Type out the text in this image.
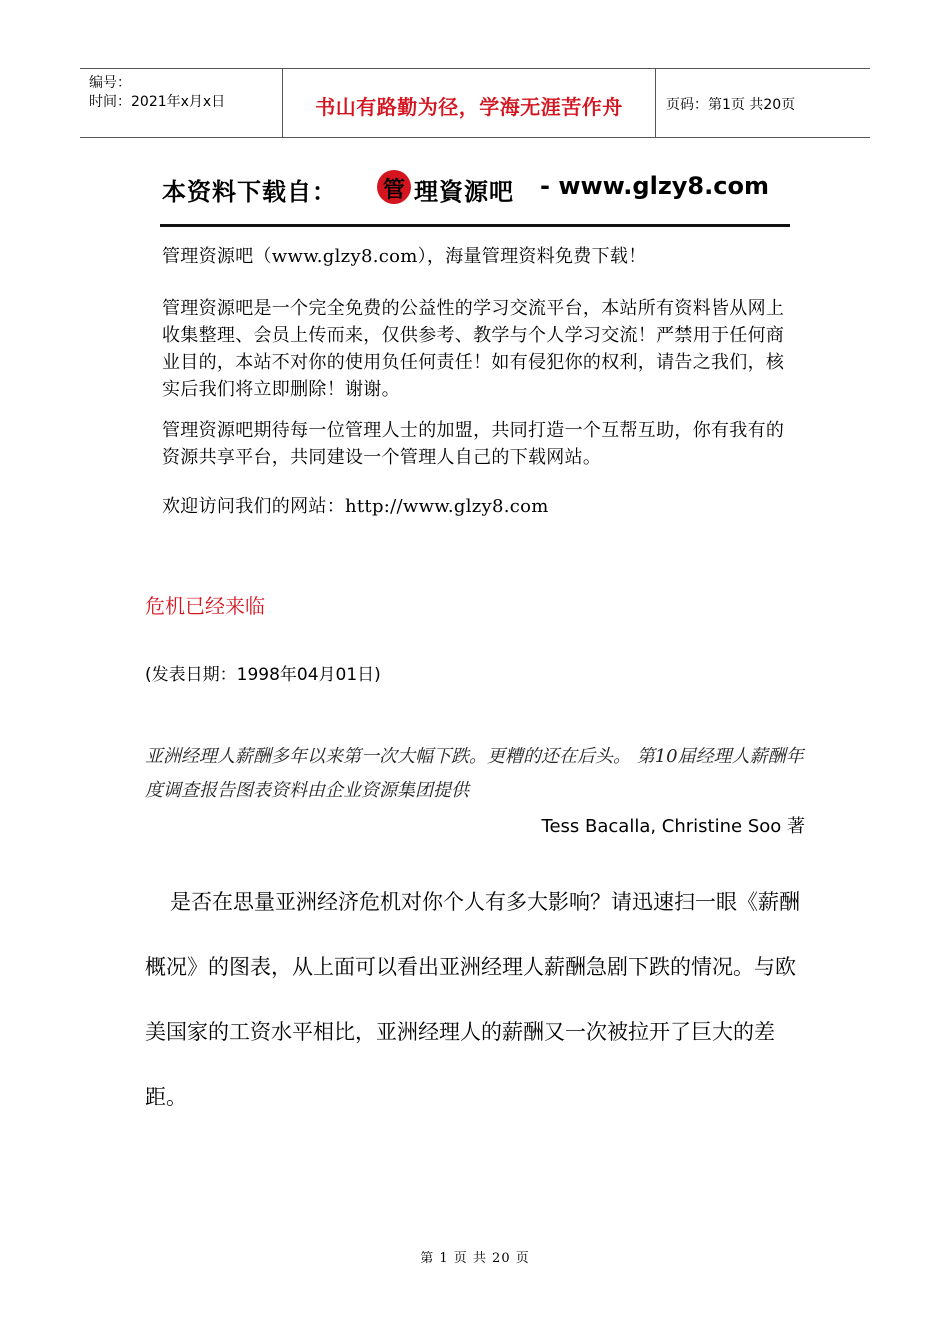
编号：
时间：2021年x月x日	书山有路勤为径，学海无涯苦作舟	页码：第1页 共20页
本资料下载自： 管 理資源吧 - www.glzy8.com
管理资源吧（www.glzy8.com），海量管理资料免费下载！
管理资源吧是一个完全免费的公益性的学习交流平台，本站所有资料皆从网上收集整理、会员上传而来，仅供参考、教学与个人学习交流！严禁用于任何商业目的，本站不对你的使用负任何责任！如有侵犯你的权利，请告之我们，核实后我们将立即删除！谢谢。
管理资源吧期待每一位管理人士的加盟，共同打造一个互帮互助，你有我有的资源共享平台，共同建设一个管理人自己的下载网站。
欢迎访问我们的网站：http://www.glzy8.com
危机已经来临
(发表日期：1998年04月01日)
亚洲经理人薪酬多年以来第一次大幅下跌。更糟的还在后头。 第10届经理人薪酬年度调查报告图表资料由企业资源集团提供
Tess Bacalla, Christine Soo 著

是否在思量亚洲经济危机对你个人有多大影响？请迅速扫一眼《薪酬概况》的图表，从上面可以看出亚洲经理人薪酬急剧下跌的情况。与欧美国家的工资水平相比，亚洲经理人的薪酬又一次被拉开了巨大的差距。

第 1 页 共 20 页
